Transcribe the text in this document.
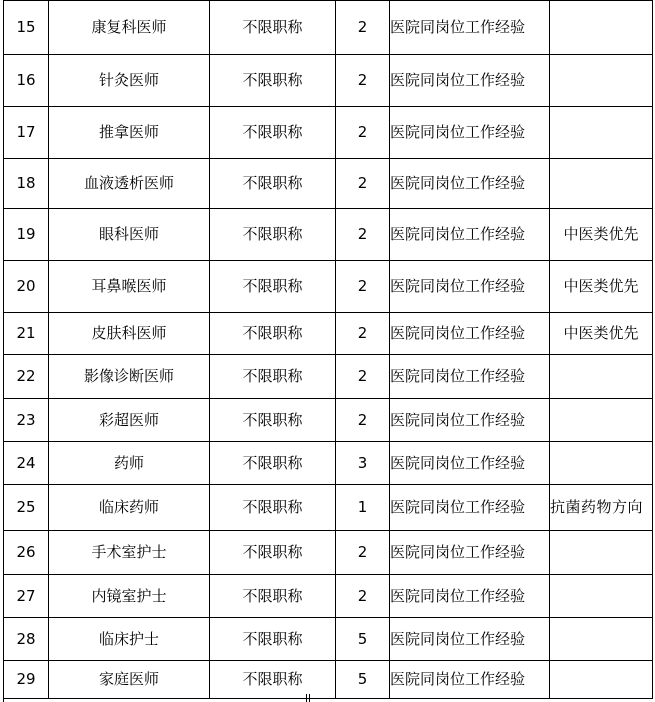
15	康复科医师	不限职称	2	医院同岗位工作经验	
16	针灸医师	不限职称	2	医院同岗位工作经验	
17	推拿医师	不限职称	2	医院同岗位工作经验	
18	血液透析医师	不限职称	2	医院同岗位工作经验	
19	眼科医师	不限职称	2	医院同岗位工作经验	中医类优先
20	耳鼻喉医师	不限职称	2	医院同岗位工作经验	中医类优先
21	皮肤科医师	不限职称	2	医院同岗位工作经验	中医类优先
22	影像诊断医师	不限职称	2	医院同岗位工作经验	
23	彩超医师	不限职称	2	医院同岗位工作经验	
24	药师	不限职称	3	医院同岗位工作经验	
25	临床药师	不限职称	1	医院同岗位工作经验	抗菌药物方向
26	手术室护士	不限职称	2	医院同岗位工作经验	
27	内镜室护士	不限职称	2	医院同岗位工作经验	
28	临床护士	不限职称	5	医院同岗位工作经验	
29	家庭医师	不限职称	5	医院同岗位工作经验	
